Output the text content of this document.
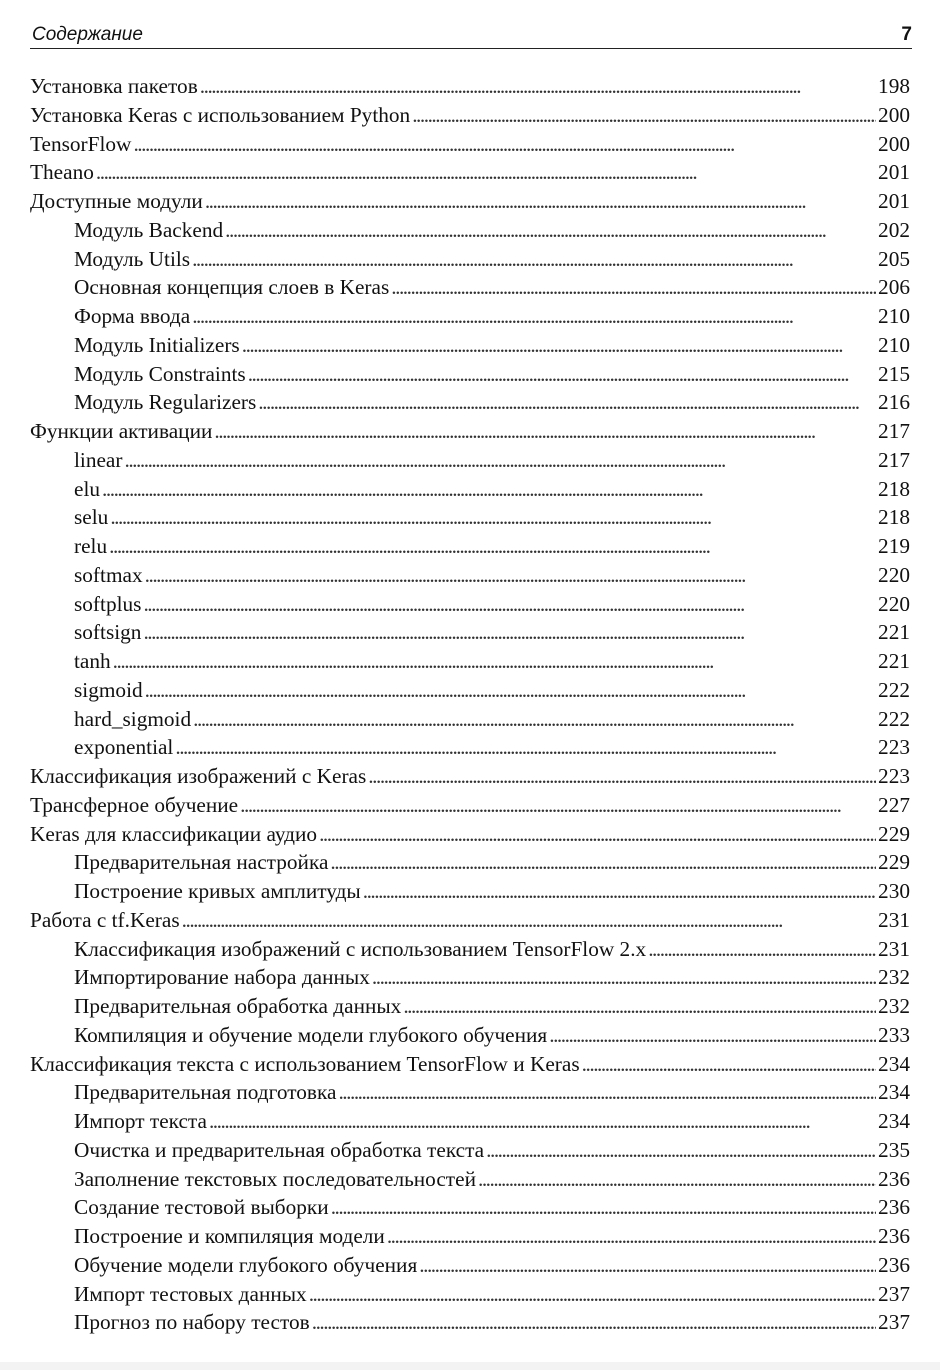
Содержание	7
Установка пакетов . . .	198
Установка Keras с использованием Python . . .	200
TensorFlow . . .	200
Theano . . .	201
Доступные модули . . .	201
Модуль Backend . . .	202
Модуль Utils . . .	205
Основная концепция слоев в Keras . . .	206
Форма ввода . . .	210
Модуль Initializers . . .	210
Модуль Constraints . . .	215
Модуль Regularizers . . .	216
Функции активации . . .	217
linear . . .	217
elu . . .	218
selu . . .	218
relu . . .	219
softmax . . .	220
softplus . . .	220
softsign . . .	221
tanh . . .	221
sigmoid . . .	222
hard_sigmoid . . .	222
exponential . . .	223
Классификация изображений с Keras . . .	223
Трансферное обучение . . .	227
Keras для классификации аудио . . .	229
Предварительная настройка . . .	229
Построение кривых амплитуды . . .	230
Работа с tf.Keras . . .	231
Классификация изображений с использованием TensorFlow 2.x . . .	231
Импортирование набора данных . . .	232
Предварительная обработка данных . . .	232
Компиляция и обучение модели глубокого обучения . . .	233
Классификация текста с использованием TensorFlow и Keras . . .	234
Предварительная подготовка . . .	234
Импорт текста . . .	234
Очистка и предварительная обработка текста . . .	235
Заполнение текстовых последовательностей . . .	236
Создание тестовой выборки . . .	236
Построение и компиляция модели . . .	236
Обучение модели глубокого обучения . . .	236
Импорт тестовых данных . . .	237
Прогноз по набору тестов . . .	237
